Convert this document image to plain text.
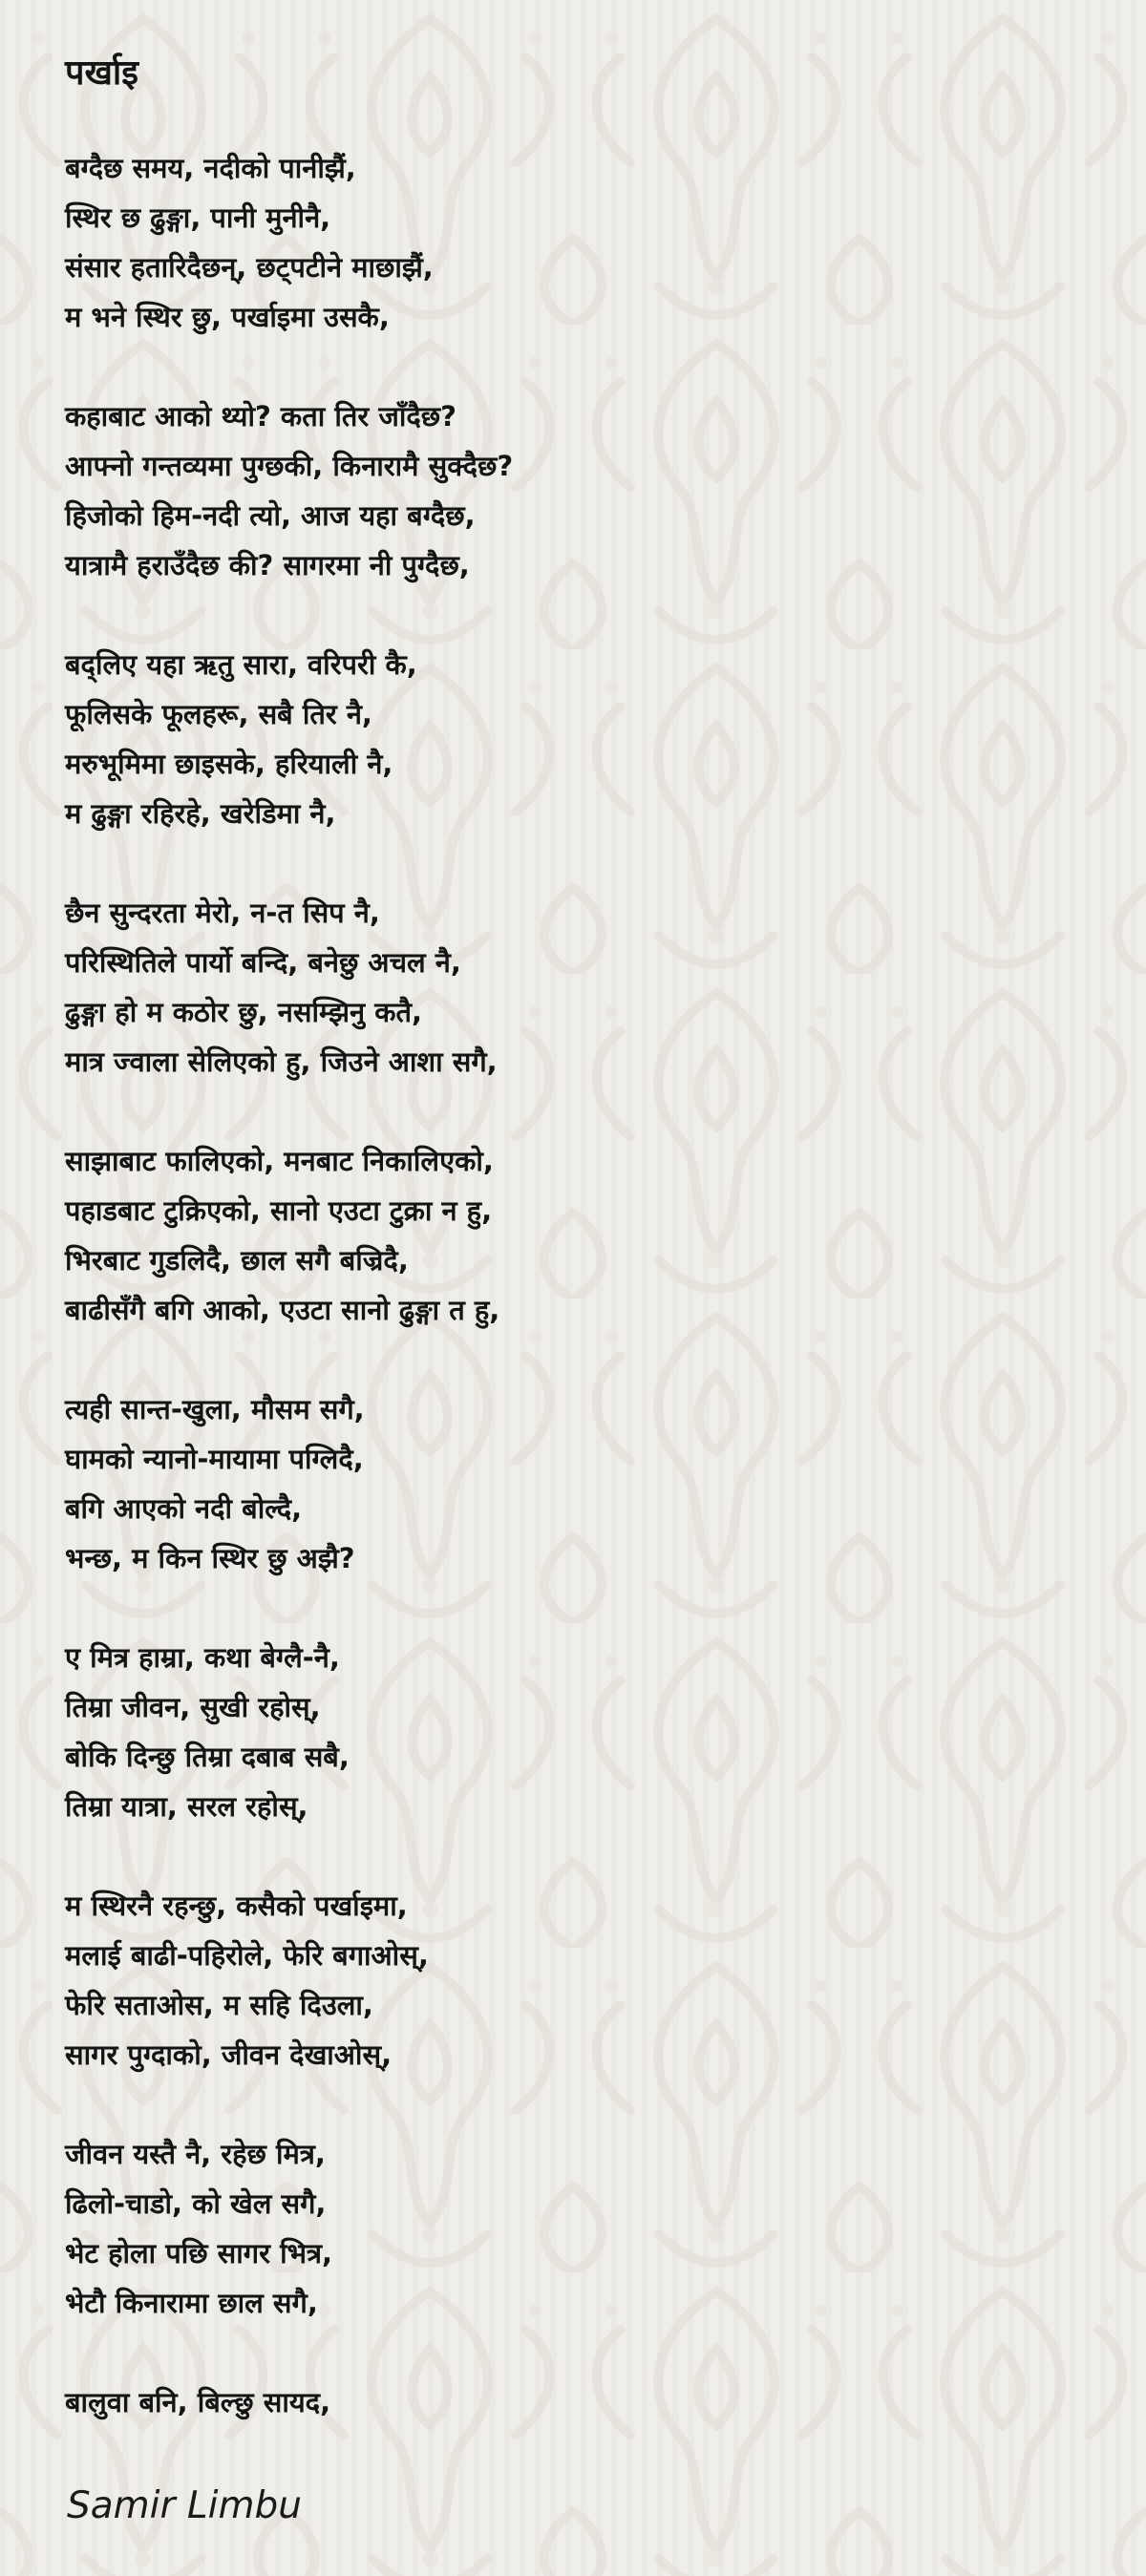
पर्खाइ
बग्दैछ समय, नदीको पानीझैं,
स्थिर छ ढुङ्गा, पानी मुनीनै,
संसार हतारिदैछन्, छट्पटीने माछाझैं,
म भने स्थिर छु, पर्खाइमा उसकै,
कहाबाट आको थ्यो? कता तिर जाँदैछ?
आफ्नो गन्तव्यमा पुग्छकी, किनारामै सुक्दैछ?
हिजोको हिम-नदी त्यो, आज यहा बग्दैछ,
यात्रामै हराउँदैछ की? सागरमा नी पुग्दैछ,
बद्लिए यहा ऋतु सारा, वरिपरी कै,
फूलिसके फूलहरू, सबै तिर नै,
मरुभूमिमा छाइसके, हरियाली नै,
म ढुङ्गा रहिरहे, खरेडिमा नै,
छैन सुन्दरता मेरो, न-त सिप नै,
परिस्थितिले पार्यो बन्दि, बनेछु अचल नै,
ढुङ्गा हो म कठोर छु, नसम्झिनु कतै,
मात्र ज्वाला सेलिएको हु, जिउने आशा सगै,
साझाबाट फालिएको, मनबाट निकालिएको,
पहाडबाट टुक्रिएको, सानो एउटा टुक्रा न हु,
भिरबाट गुडलिदै, छाल सगै बज्रिदै,
बाढीसँगै बगि आको, एउटा सानो ढुङ्गा त हु,
त्यही सान्त-खुला, मौसम सगै,
घामको न्यानो-मायामा पग्लिदै,
बगि आएको नदी बोल्दै,
भन्छ, म किन स्थिर छु अझै?
ए मित्र हाम्रा, कथा बेग्लै-नै,
तिम्रा जीवन, सुखी रहोस्,
बोकि दिन्छु तिम्रा दबाब सबै,
तिम्रा यात्रा, सरल रहोस्,
म स्थिरनै रहन्छु, कसैको पर्खाइमा,
मलाई बाढी-पहिरोले, फेरि बगाओस्,
फेरि सताओस, म सहि दिउला,
सागर पुग्दाको, जीवन देखाओस्,
जीवन यस्तै नै, रहेछ मित्र,
ढिलो-चाडो, को खेल सगै,
भेट होला पछि सागर भित्र,
भेटौ किनारामा छाल सगै,
बालुवा बनि, बिल्छु सायद,

Samir Limbu
